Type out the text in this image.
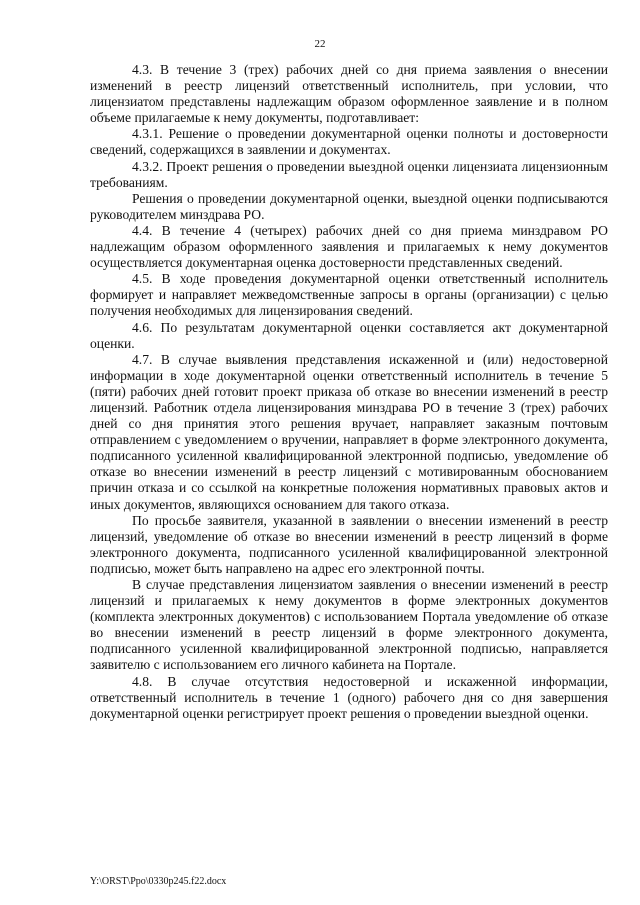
22

4.3. В течение 3 (трех) рабочих дней со дня приема заявления о внесении изменений в реестр лицензий ответственный исполнитель, при условии, что лицензиатом представлены надлежащим образом оформленное заявление и в полном объеме прилагаемые к нему документы, подготавливает:

4.3.1. Решение о проведении документарной оценки полноты и достоверности сведений, содержащихся в заявлении и документах.

4.3.2. Проект решения о проведении выездной оценки лицензиата лицензионным требованиям.

Решения о проведении документарной оценки, выездной оценки подписываются руководителем минздрава РО.

4.4. В течение 4 (четырех) рабочих дней со дня приема минздравом РО надлежащим образом оформленного заявления и прилагаемых к нему документов осуществляется документарная оценка достоверности представленных сведений.

4.5. В ходе проведения документарной оценки ответственный исполнитель формирует и направляет межведомственные запросы в органы (организации) с целью получения необходимых для лицензирования сведений.

4.6. По результатам документарной оценки составляется акт документарной оценки.

4.7. В случае выявления представления искаженной и (или) недостоверной информации в ходе документарной оценки ответственный исполнитель в течение 5 (пяти) рабочих дней готовит проект приказа об отказе во внесении изменений в реестр лицензий. Работник отдела лицензирования минздрава РО в течение 3 (трех) рабочих дней со дня принятия этого решения вручает, направляет заказным почтовым отправлением с уведомлением о вручении, направляет в форме электронного документа, подписанного усиленной квалифицированной электронной подписью, уведомление об отказе во внесении изменений в реестр лицензий с мотивированным обоснованием причин отказа и со ссылкой на конкретные положения нормативных правовых актов и иных документов, являющихся основанием для такого отказа.

По просьбе заявителя, указанной в заявлении о внесении изменений в реестр лицензий, уведомление об отказе во внесении изменений в реестр лицензий в форме электронного документа, подписанного усиленной квалифицированной электронной подписью, может быть направлено на адрес его электронной почты.

В случае представления лицензиатом заявления о внесении изменений в реестр лицензий и прилагаемых к нему документов в форме электронных документов (комплекта электронных документов) с использованием Портала уведомление об отказе во внесении изменений в реестр лицензий в форме электронного документа, подписанного усиленной квалифицированной электронной подписью, направляется заявителю с использованием его личного кабинета на Портале.

4.8. В случае отсутствия недостоверной и искаженной информации, ответственный исполнитель в течение 1 (одного) рабочего дня со дня завершения документарной оценки регистрирует проект решения о проведении выездной оценки.

Y:\ORST\Ppo\0330p245.f22.docx
